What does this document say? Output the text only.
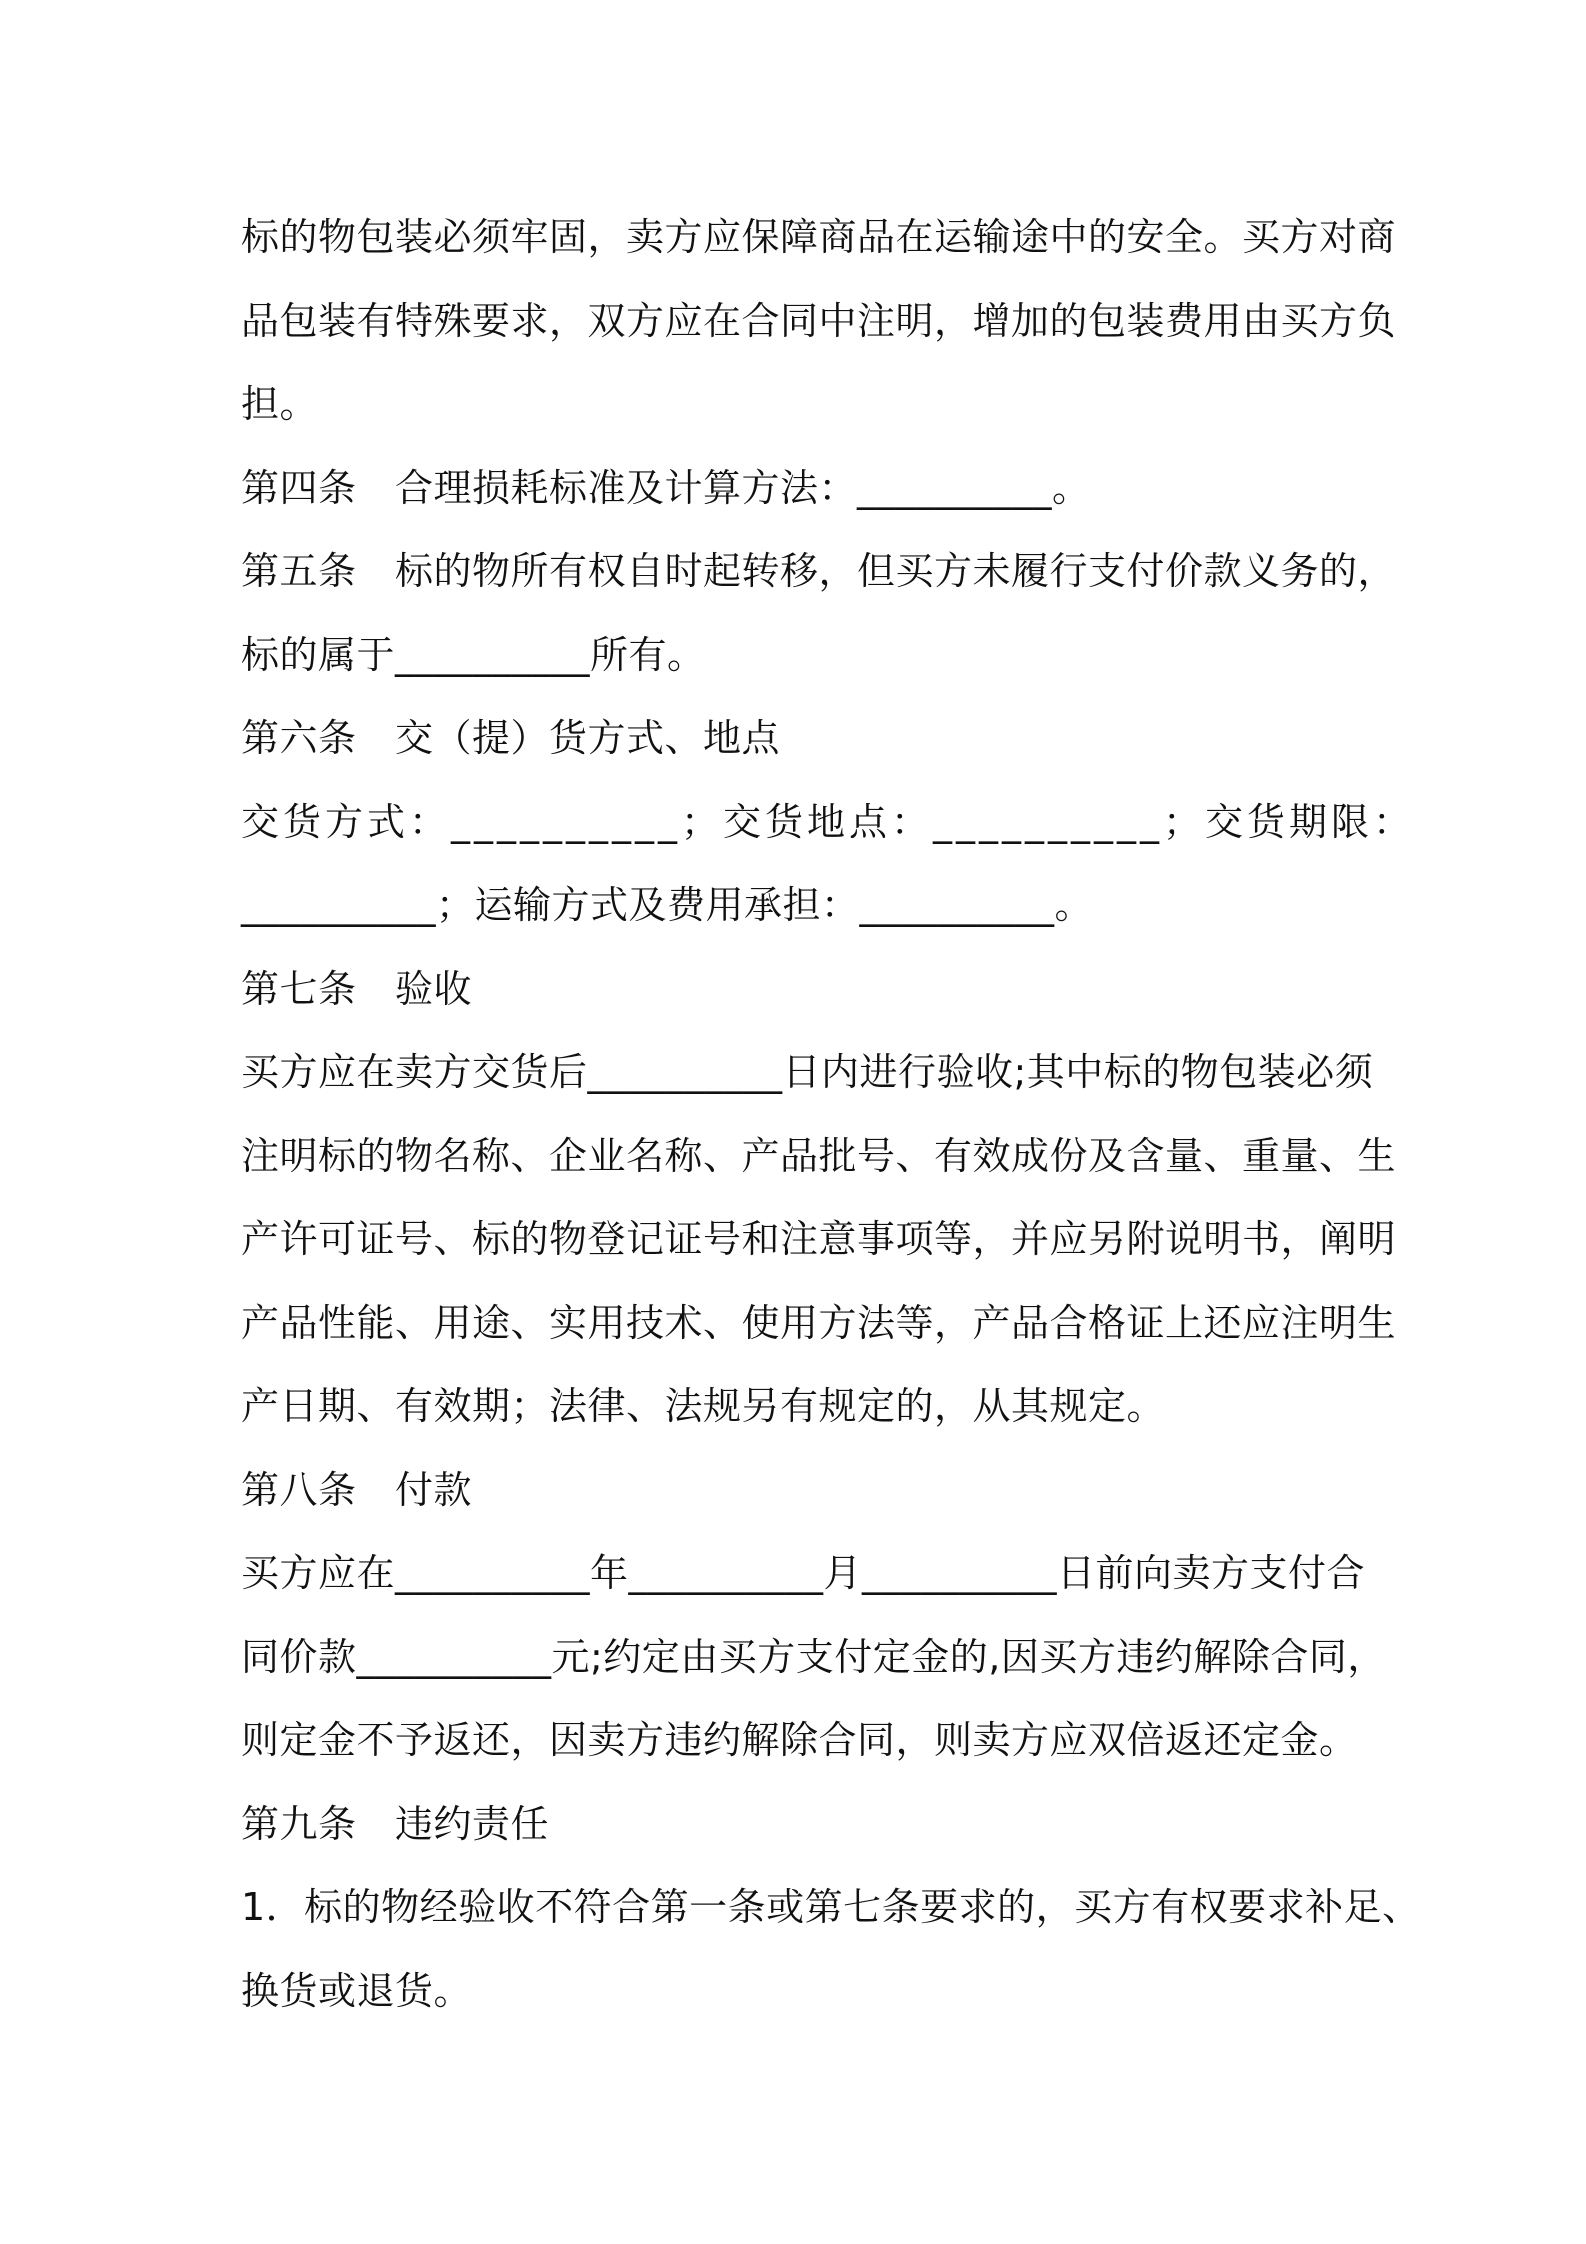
标的物包装必须牢固，卖方应保障商品在运输途中的安全。买方对商
品包装有特殊要求，双方应在合同中注明，增加的包装费用由买方负
担。
第四条　合理损耗标准及计算方法：__________。
第五条　标的物所有权自时起转移，但买方未履行支付价款义务的，
标的属于__________所有。
第六条　交（提）货方式、地点
交货方式：__________；交货地点：__________；交货期限：
__________；运输方式及费用承担：__________。
第七条　验收
买方应在卖方交货后__________日内进行验收;其中标的物包装必须
注明标的物名称、企业名称、产品批号、有效成份及含量、重量、生
产许可证号、标的物登记证号和注意事项等，并应另附说明书，阐明
产品性能、用途、实用技术、使用方法等，产品合格证上还应注明生
产日期、有效期；法律、法规另有规定的，从其规定。
第八条　付款
买方应在__________年__________月__________日前向卖方支付合
同价款__________元;约定由买方支付定金的,因买方违约解除合同，
则定金不予返还，因卖方违约解除合同，则卖方应双倍返还定金。
第九条　违约责任
1．标的物经验收不符合第一条或第七条要求的，买方有权要求补足、
换货或退货。
